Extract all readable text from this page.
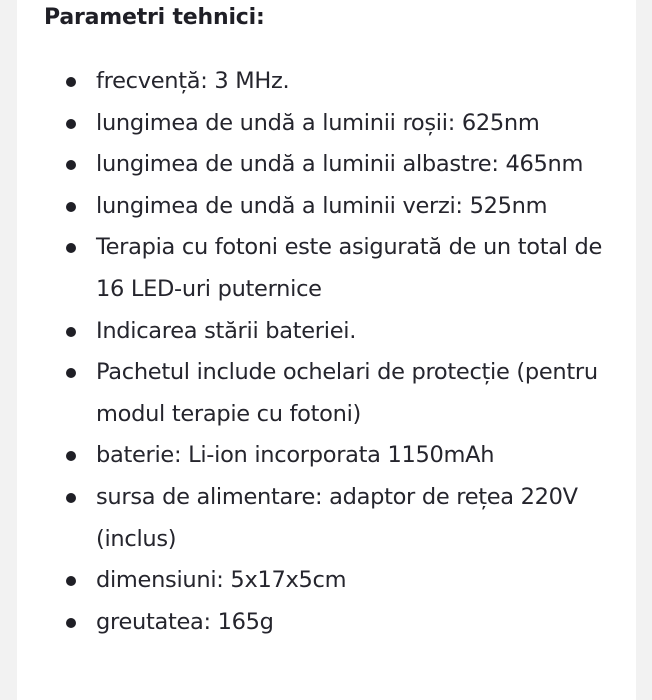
Parametri tehnici:
frecvență: 3 MHz.
lungimea de undă a luminii roșii: 625nm
lungimea de undă a luminii albastre: 465nm
lungimea de undă a luminii verzi: 525nm
Terapia cu fotoni este asigurată de un total de 16 LED-uri puternice
Indicarea stării bateriei.
Pachetul include ochelari de protecție (pentru modul terapie cu fotoni)
baterie: Li-ion incorporata 1150mAh
sursa de alimentare: adaptor de rețea 220V (inclus)
dimensiuni: 5x17x5cm
greutatea: 165g
